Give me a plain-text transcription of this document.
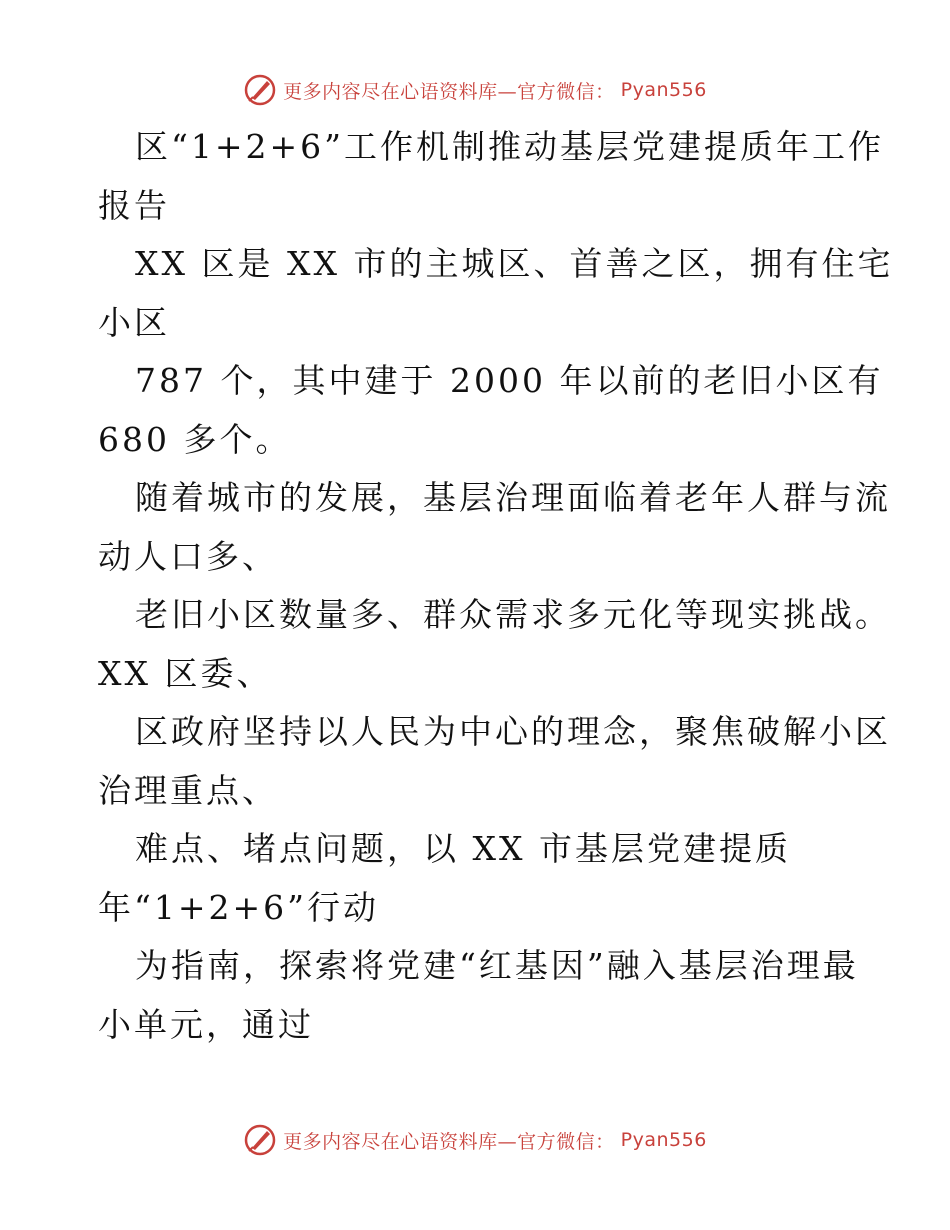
更多内容尽在心语资料库—官方微信： Pyan556
区“1+2+6”工作机制推动基层党建提质年工作
报告
XX 区是 XX 市的主城区、首善之区，拥有住宅
小区
787 个，其中建于 2000 年以前的老旧小区有
680 多个。
随着城市的发展，基层治理面临着老年人群与流
动人口多、
老旧小区数量多、群众需求多元化等现实挑战。
XX 区委、
区政府坚持以人民为中心的理念，聚焦破解小区
治理重点、
难点、堵点问题，以 XX 市基层党建提质
年“1+2+6”行动
为指南，探索将党建“红基因”融入基层治理最
小单元，通过
更多内容尽在心语资料库—官方微信： Pyan556
